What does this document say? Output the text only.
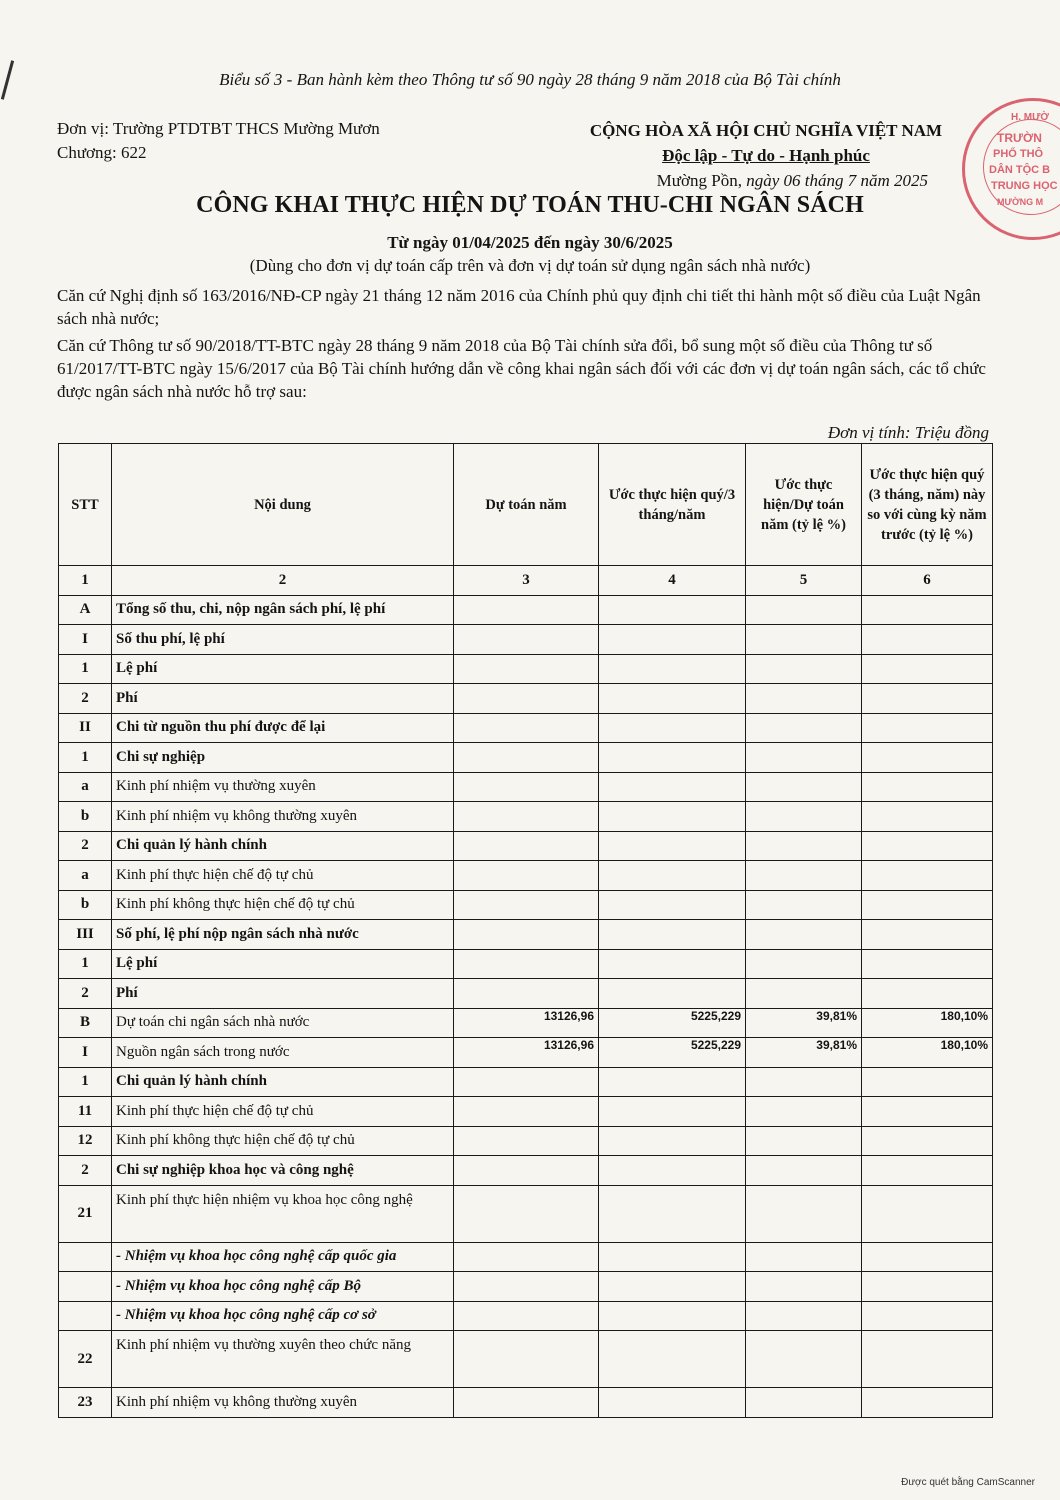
Biểu số 3 - Ban hành kèm theo Thông tư số 90 ngày 28 tháng 9 năm 2018 của Bộ Tài chính
Đơn vị: Trường PTDTBT THCS Mường Mươn
Chương: 622
CỘNG HÒA XÃ HỘI CHỦ NGHĨA VIỆT NAM
Độc lập - Tự do - Hạnh phúc
Mường Pồn, ngày 06 tháng 7 năm 2025
H. MƯỜ
TRƯỜN
PHỔ THÔ
DÂN TỘC B
TRUNG HỌC
MƯỜNG M
CÔNG KHAI THỰC HIỆN DỰ TOÁN THU-CHI NGÂN SÁCH
Từ ngày 01/04/2025 đến ngày 30/6/2025
(Dùng cho đơn vị dự toán cấp trên và đơn vị dự toán sử dụng ngân sách nhà nước)
Căn cứ Nghị định số 163/2016/NĐ-CP ngày 21 tháng 12 năm 2016 của Chính phủ quy định chi tiết thi hành một số điều của Luật Ngân sách nhà nước;
Căn cứ Thông tư số 90/2018/TT-BTC ngày 28 tháng 9 năm 2018 của Bộ Tài chính sửa đổi, bổ sung một số điều của Thông tư số 61/2017/TT-BTC ngày 15/6/2017 của Bộ Tài chính hướng dẫn về công khai ngân sách đối với các đơn vị dự toán ngân sách, các tổ chức được ngân sách nhà nước hỗ trợ sau:
Đơn vị tính: Triệu đồng
STT	Nội dung	Dự toán năm	Ước thực hiện quý/3 tháng/năm	Ước thực hiện/Dự toán năm (tỷ lệ %)	Ước thực hiện quý (3 tháng, năm) này so với cùng kỳ năm trước (tỷ lệ %)
1	2	3	4	5	6
A	Tổng số thu, chi, nộp ngân sách phí, lệ phí				
I	Số thu phí, lệ phí				
1	Lệ phí				
2	Phí				
II	Chi từ nguồn thu phí được để lại				
1	Chi sự nghiệp				
a	Kinh phí nhiệm vụ thường xuyên				
b	Kinh phí nhiệm vụ không thường xuyên				
2	Chi quản lý hành chính				
a	Kinh phí thực hiện chế độ tự chủ				
b	Kinh phí không thực hiện chế độ tự chủ				
III	Số phí, lệ phí nộp ngân sách nhà nước				
1	Lệ phí				
2	Phí				
B	Dự toán chi ngân sách nhà nước	13126,96	5225,229	39,81%	180,10%
I	Nguồn ngân sách trong nước	13126,96	5225,229	39,81%	180,10%
1	Chi quản lý hành chính				
11	Kinh phí thực hiện chế độ tự chủ				
12	Kinh phí không thực hiện chế độ tự chủ				
2	Chi sự nghiệp khoa học và công nghệ				
21	Kinh phí thực hiện nhiệm vụ khoa học công nghệ				
	- Nhiệm vụ khoa học công nghệ cấp quốc gia				
	- Nhiệm vụ khoa học công nghệ cấp Bộ				
	- Nhiệm vụ khoa học công nghệ cấp cơ sở				
22	Kinh phí nhiệm vụ thường xuyên theo chức năng				
23	Kinh phí nhiệm vụ không thường xuyên				
Được quét bằng CamScanner
